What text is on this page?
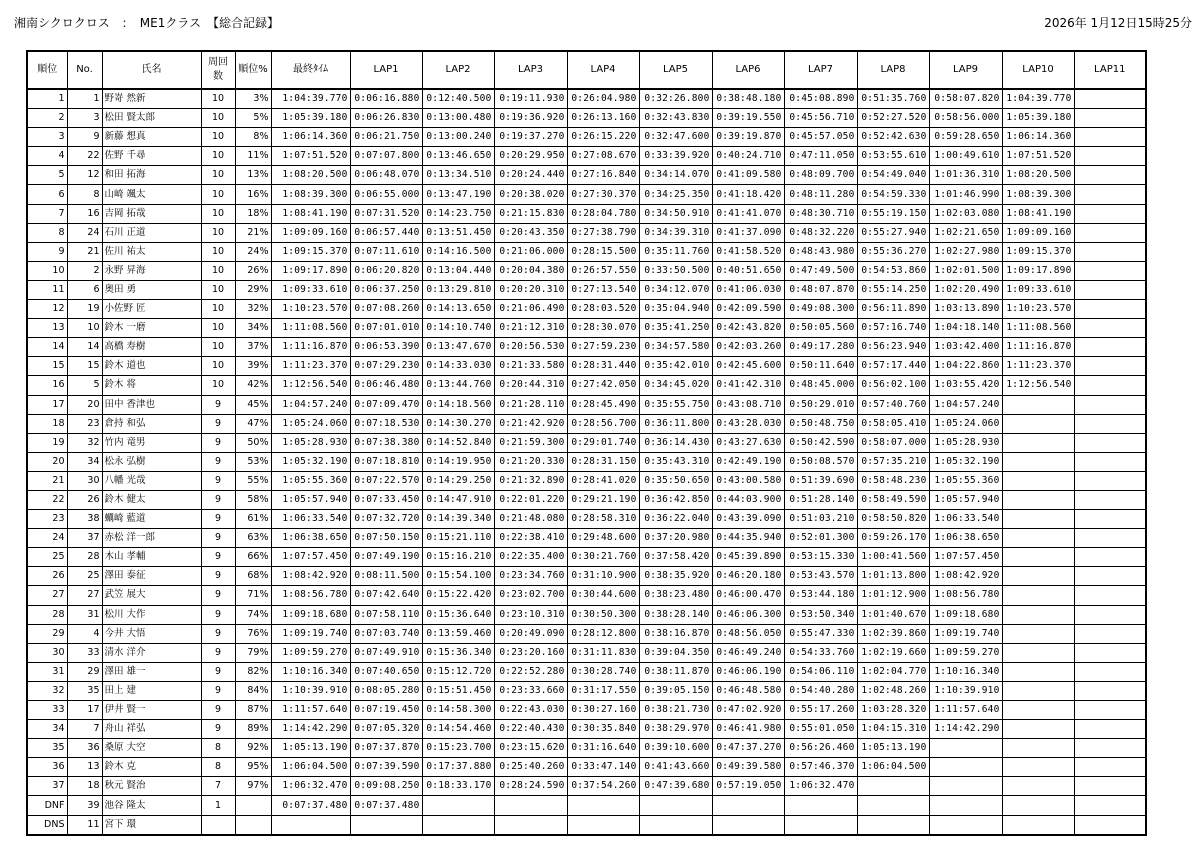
湘南シクロクロス　：　ME1クラス　【総合記録】	2026年 1月12日15時25分
順位	No.	氏名	周回
数	順位%	最終ﾀｲﾑ	LAP1	LAP2	LAP3	LAP4	LAP5	LAP6	LAP7	LAP8	LAP9	LAP10	LAP11
1	1	野嵜 然新	10	3%	1:04:39.770	0:06:16.880	0:12:40.500	0:19:11.930	0:26:04.980	0:32:26.800	0:38:48.180	0:45:08.890	0:51:35.760	0:58:07.820	1:04:39.770	
2	3	松田 賢太郎	10	5%	1:05:39.180	0:06:26.830	0:13:00.480	0:19:36.920	0:26:13.160	0:32:43.830	0:39:19.550	0:45:56.710	0:52:27.520	0:58:56.000	1:05:39.180	
3	9	新藤 想真	10	8%	1:06:14.360	0:06:21.750	0:13:00.240	0:19:37.270	0:26:15.220	0:32:47.600	0:39:19.870	0:45:57.050	0:52:42.630	0:59:28.650	1:06:14.360	
4	22	佐野 千尋	10	11%	1:07:51.520	0:07:07.800	0:13:46.650	0:20:29.950	0:27:08.670	0:33:39.920	0:40:24.710	0:47:11.050	0:53:55.610	1:00:49.610	1:07:51.520	
5	12	和田 拓海	10	13%	1:08:20.500	0:06:48.070	0:13:34.510	0:20:24.440	0:27:16.840	0:34:14.070	0:41:09.580	0:48:09.700	0:54:49.040	1:01:36.310	1:08:20.500	
6	8	山崎 颯太	10	16%	1:08:39.300	0:06:55.000	0:13:47.190	0:20:38.020	0:27:30.370	0:34:25.350	0:41:18.420	0:48:11.280	0:54:59.330	1:01:46.990	1:08:39.300	
7	16	吉岡 拓哉	10	18%	1:08:41.190	0:07:31.520	0:14:23.750	0:21:15.830	0:28:04.780	0:34:50.910	0:41:41.070	0:48:30.710	0:55:19.150	1:02:03.080	1:08:41.190	
8	24	石川 正道	10	21%	1:09:09.160	0:06:57.440	0:13:51.450	0:20:43.350	0:27:38.790	0:34:39.310	0:41:37.090	0:48:32.220	0:55:27.940	1:02:21.650	1:09:09.160	
9	21	佐川 祐太	10	24%	1:09:15.370	0:07:11.610	0:14:16.500	0:21:06.000	0:28:15.500	0:35:11.760	0:41:58.520	0:48:43.980	0:55:36.270	1:02:27.980	1:09:15.370	
10	2	永野 昇海	10	26%	1:09:17.890	0:06:20.820	0:13:04.440	0:20:04.380	0:26:57.550	0:33:50.500	0:40:51.650	0:47:49.500	0:54:53.860	1:02:01.500	1:09:17.890	
11	6	奥田 勇	10	29%	1:09:33.610	0:06:37.250	0:13:29.810	0:20:20.310	0:27:13.540	0:34:12.070	0:41:06.030	0:48:07.870	0:55:14.250	1:02:20.490	1:09:33.610	
12	19	小佐野 匠	10	32%	1:10:23.570	0:07:08.260	0:14:13.650	0:21:06.490	0:28:03.520	0:35:04.940	0:42:09.590	0:49:08.300	0:56:11.890	1:03:13.890	1:10:23.570	
13	10	鈴木 一磨	10	34%	1:11:08.560	0:07:01.010	0:14:10.740	0:21:12.310	0:28:30.070	0:35:41.250	0:42:43.820	0:50:05.560	0:57:16.740	1:04:18.140	1:11:08.560	
14	14	高橋 寿樹	10	37%	1:11:16.870	0:06:53.390	0:13:47.670	0:20:56.530	0:27:59.230	0:34:57.580	0:42:03.260	0:49:17.280	0:56:23.940	1:03:42.400	1:11:16.870	
15	15	鈴木 道也	10	39%	1:11:23.370	0:07:29.230	0:14:33.030	0:21:33.580	0:28:31.440	0:35:42.010	0:42:45.600	0:50:11.640	0:57:17.440	1:04:22.860	1:11:23.370	
16	5	鈴木 将	10	42%	1:12:56.540	0:06:46.480	0:13:44.760	0:20:44.310	0:27:42.050	0:34:45.020	0:41:42.310	0:48:45.000	0:56:02.100	1:03:55.420	1:12:56.540	
17	20	田中 香津也	9	45%	1:04:57.240	0:07:09.470	0:14:18.560	0:21:28.110	0:28:45.490	0:35:55.750	0:43:08.710	0:50:29.010	0:57:40.760	1:04:57.240		
18	23	倉持 和弘	9	47%	1:05:24.060	0:07:18.530	0:14:30.270	0:21:42.920	0:28:56.700	0:36:11.800	0:43:28.030	0:50:48.750	0:58:05.410	1:05:24.060		
19	32	竹内 竜男	9	50%	1:05:28.930	0:07:38.380	0:14:52.840	0:21:59.300	0:29:01.740	0:36:14.430	0:43:27.630	0:50:42.590	0:58:07.000	1:05:28.930		
20	34	松永 弘樹	9	53%	1:05:32.190	0:07:18.810	0:14:19.950	0:21:20.330	0:28:31.150	0:35:43.310	0:42:49.190	0:50:08.570	0:57:35.210	1:05:32.190		
21	30	八幡 光哉	9	55%	1:05:55.360	0:07:22.570	0:14:29.250	0:21:32.890	0:28:41.020	0:35:50.650	0:43:00.580	0:51:39.690	0:58:48.230	1:05:55.360		
22	26	鈴木 健太	9	58%	1:05:57.940	0:07:33.450	0:14:47.910	0:22:01.220	0:29:21.190	0:36:42.850	0:44:03.900	0:51:28.140	0:58:49.590	1:05:57.940		
23	38	蠣崎 藍道	9	61%	1:06:33.540	0:07:32.720	0:14:39.340	0:21:48.080	0:28:58.310	0:36:22.040	0:43:39.090	0:51:03.210	0:58:50.820	1:06:33.540		
24	37	赤松 洋一郎	9	63%	1:06:38.650	0:07:50.150	0:15:21.110	0:22:38.410	0:29:48.600	0:37:20.980	0:44:35.940	0:52:01.300	0:59:26.170	1:06:38.650		
25	28	木山 孝輔	9	66%	1:07:57.450	0:07:49.190	0:15:16.210	0:22:35.400	0:30:21.760	0:37:58.420	0:45:39.890	0:53:15.330	1:00:41.560	1:07:57.450		
26	25	澤田 泰征	9	68%	1:08:42.920	0:08:11.500	0:15:54.100	0:23:34.760	0:31:10.900	0:38:35.920	0:46:20.180	0:53:43.570	1:01:13.800	1:08:42.920		
27	27	武笠 展大	9	71%	1:08:56.780	0:07:42.640	0:15:22.420	0:23:02.700	0:30:44.600	0:38:23.480	0:46:00.470	0:53:44.180	1:01:12.900	1:08:56.780		
28	31	松川 大作	9	74%	1:09:18.680	0:07:58.110	0:15:36.640	0:23:10.310	0:30:50.300	0:38:28.140	0:46:06.300	0:53:50.340	1:01:40.670	1:09:18.680		
29	4	今井 大悟	9	76%	1:09:19.740	0:07:03.740	0:13:59.460	0:20:49.090	0:28:12.800	0:38:16.870	0:48:56.050	0:55:47.330	1:02:39.860	1:09:19.740		
30	33	清水 洋介	9	79%	1:09:59.270	0:07:49.910	0:15:36.340	0:23:20.160	0:31:11.830	0:39:04.350	0:46:49.240	0:54:33.760	1:02:19.660	1:09:59.270		
31	29	澤田 雄一	9	82%	1:10:16.340	0:07:40.650	0:15:12.720	0:22:52.280	0:30:28.740	0:38:11.870	0:46:06.190	0:54:06.110	1:02:04.770	1:10:16.340		
32	35	田上 建	9	84%	1:10:39.910	0:08:05.280	0:15:51.450	0:23:33.660	0:31:17.550	0:39:05.150	0:46:48.580	0:54:40.280	1:02:48.260	1:10:39.910		
33	17	伊井 賢一	9	87%	1:11:57.640	0:07:19.450	0:14:58.300	0:22:43.030	0:30:27.160	0:38:21.730	0:47:02.920	0:55:17.260	1:03:28.320	1:11:57.640		
34	7	舟山 祥弘	9	89%	1:14:42.290	0:07:05.320	0:14:54.460	0:22:40.430	0:30:35.840	0:38:29.970	0:46:41.980	0:55:01.050	1:04:15.310	1:14:42.290		
35	36	桑原 大空	8	92%	1:05:13.190	0:07:37.870	0:15:23.700	0:23:15.620	0:31:16.640	0:39:10.600	0:47:37.270	0:56:26.460	1:05:13.190			
36	13	鈴木 克	8	95%	1:06:04.500	0:07:39.590	0:17:37.880	0:25:40.260	0:33:47.140	0:41:43.660	0:49:39.580	0:57:46.370	1:06:04.500			
37	18	秋元 賢治	7	97%	1:06:32.470	0:09:08.250	0:18:33.170	0:28:24.590	0:37:54.260	0:47:39.680	0:57:19.050	1:06:32.470				
DNF	39	池谷 隆太	1		0:07:37.480	0:07:37.480										
DNS	11	宮下 環														
